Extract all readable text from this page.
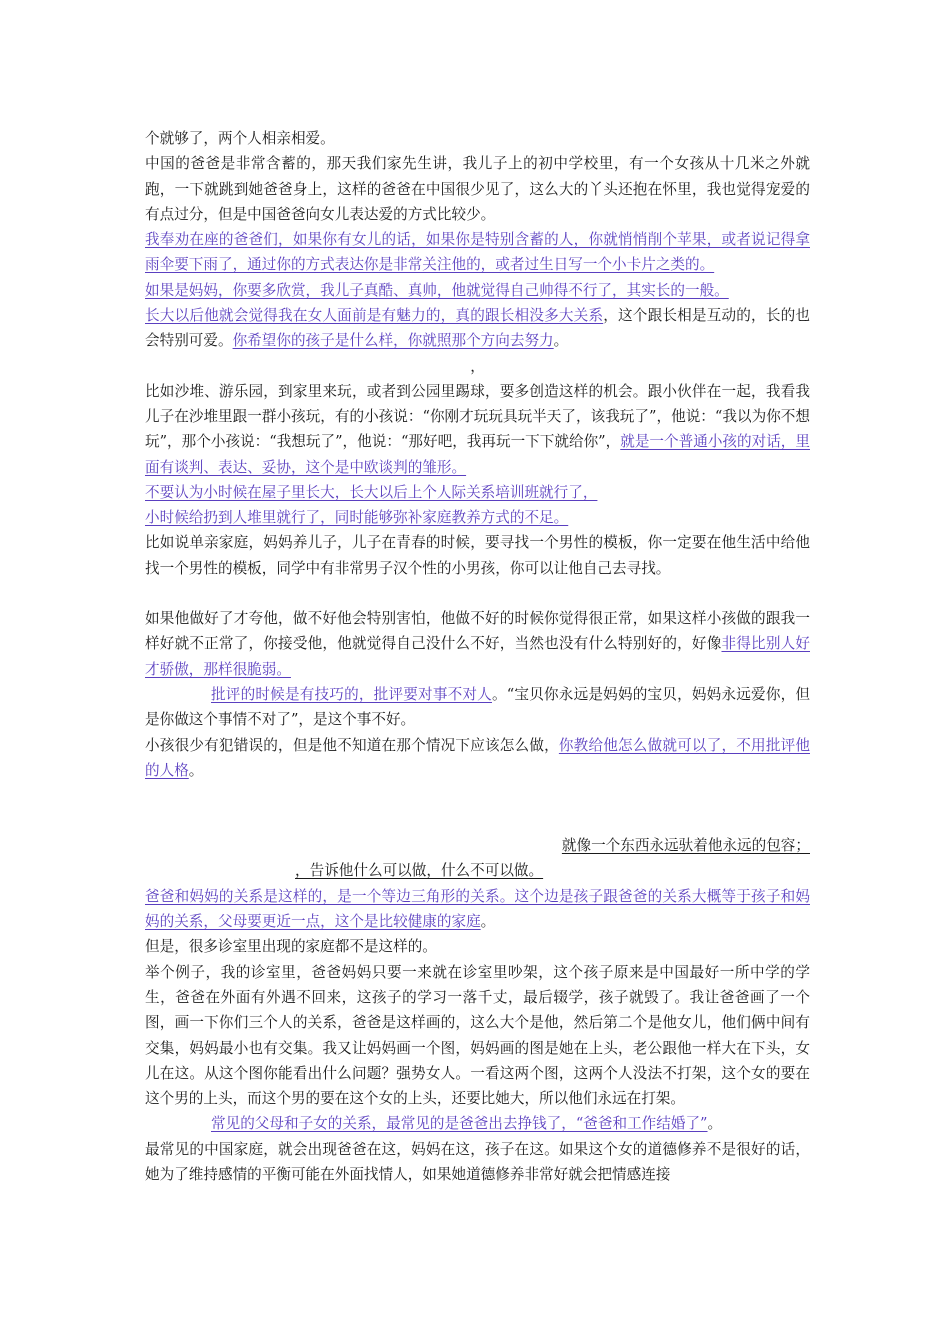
个就够了，两个人相亲相爱。

中国的爸爸是非常含蓄的，那天我们家先生讲，我儿子上的初中学校里，有一个女孩从十几米之外就跑，一下就跳到她爸爸身上，这样的爸爸在中国很少见了，这么大的丫头还抱在怀里，我也觉得宠爱的有点过分，但是中国爸爸向女儿表达爱的方式比较少。

我奉劝在座的爸爸们，如果你有女儿的话，如果你是特别含蓄的人，你就悄悄削个苹果，或者说记得拿雨伞要下雨了，通过你的方式表达你是非常关注他的，或者过生日写一个小卡片之类的。

如果是妈妈，你要多欣赏，我儿子真酷、真帅，他就觉得自己帅得不行了，其实长的一般。

长大以后他就会觉得我在女人面前是有魅力的，真的跟长相没多大关系，这个跟长相是互动的，长的也会特别可爱。你希望你的孩子是什么样，你就照那个方向去努力。

，

比如沙堆、游乐园，到家里来玩，或者到公园里踢球，要多创造这样的机会。跟小伙伴在一起，我看我儿子在沙堆里跟一群小孩玩，有的小孩说：“你刚才玩玩具玩半天了，该我玩了”，他说：“我以为你不想玩”，那个小孩说：“我想玩了”，他说：“那好吧，我再玩一下下就给你”，就是一个普通小孩的对话，里面有谈判、表达、妥协，这个是中欧谈判的雏形。

不要认为小时候在屋子里长大，长大以后上个人际关系培训班就行了，

小时候给扔到人堆里就行了，同时能够弥补家庭教养方式的不足。

比如说单亲家庭，妈妈养儿子，儿子在青春的时候，要寻找一个男性的模板，你一定要在他生活中给他找一个男性的模板，同学中有非常男子汉个性的小男孩，你可以让他自己去寻找。

如果他做好了才夸他，做不好他会特别害怕，他做不好的时候你觉得很正常，如果这样小孩做的跟我一样好就不正常了，你接受他，他就觉得自己没什么不好，当然也没有什么特别好的，好像非得比别人好才骄傲，那样很脆弱。

批评的时候是有技巧的，批评要对事不对人。“宝贝你永远是妈妈的宝贝，妈妈永远爱你，但是你做这个事情不对了”，是这个事不好。

小孩很少有犯错误的，但是他不知道在那个情况下应该怎么做，你教给他怎么做就可以了，不用批评他的人格。

就像一个东西永远驮着他永远的包容；

，告诉他什么可以做，什么不可以做。

爸爸和妈妈的关系是这样的，是一个等边三角形的关系。这个边是孩子跟爸爸的关系大概等于孩子和妈妈的关系，父母要更近一点，这个是比较健康的家庭。

但是，很多诊室里出现的家庭都不是这样的。

举个例子，我的诊室里，爸爸妈妈只要一来就在诊室里吵架，这个孩子原来是中国最好一所中学的学生，爸爸在外面有外遇不回来，这孩子的学习一落千丈，最后辍学，孩子就毁了。我让爸爸画了一个图，画一下你们三个人的关系，爸爸是这样画的，这么大个是他，然后第二个是他女儿，他们俩中间有交集，妈妈最小也有交集。我又让妈妈画一个图，妈妈画的图是她在上头，老公跟他一样大在下头，女儿在这。从这个图你能看出什么问题？强势女人。一看这两个图，这两个人没法不打架，这个女的要在这个男的上头，而这个男的要在这个女的上头，还要比她大，所以他们永远在打架。

常见的父母和子女的关系，最常见的是爸爸出去挣钱了，“爸爸和工作结婚了”。

最常见的中国家庭，就会出现爸爸在这，妈妈在这，孩子在这。如果这个女的道德修养不是很好的话，她为了维持感情的平衡可能在外面找情人，如果她道德修养非常好就会把情感连接
